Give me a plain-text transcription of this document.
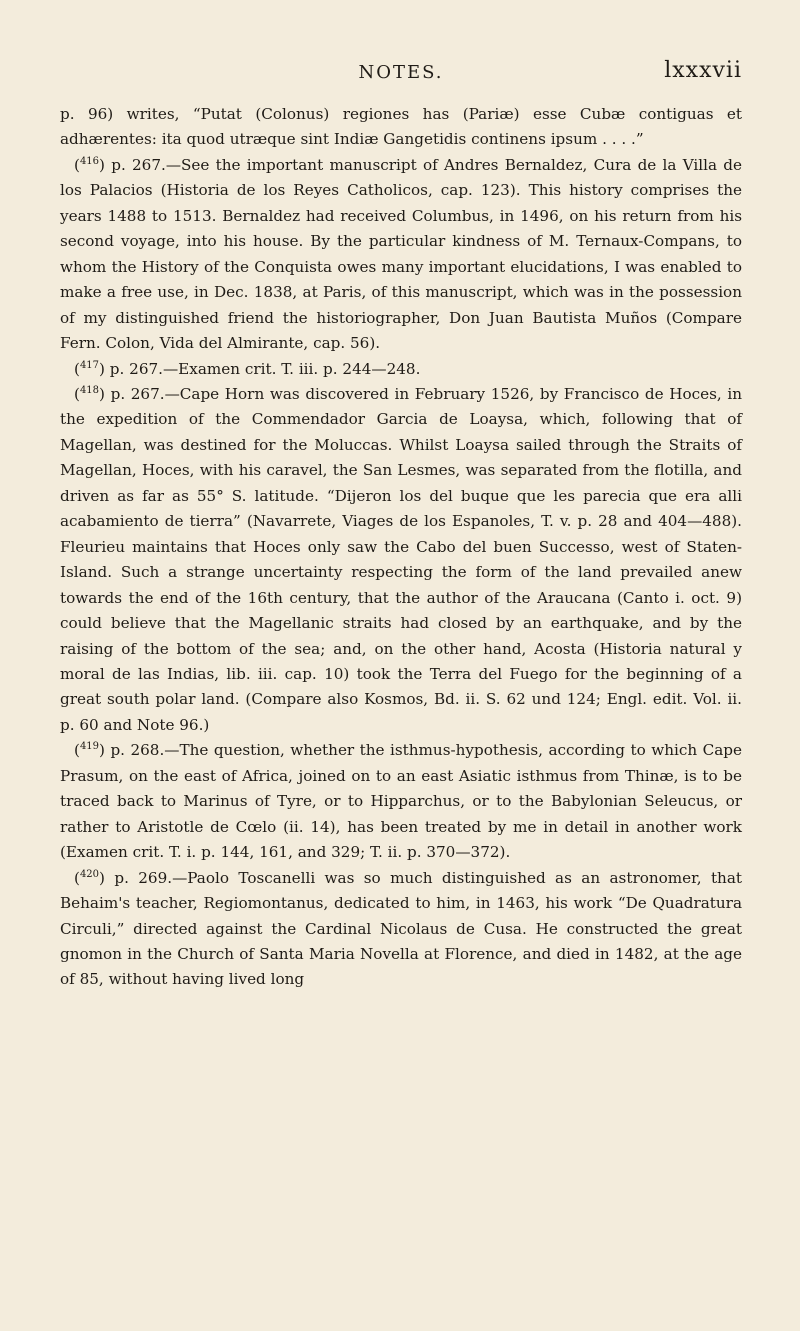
NOTES.	lxxxvii

p. 96) writes, “Putat (Colonus) regiones has (Pariæ) esse Cubæ contiguas et adhærentes: ita quod utræque sint Indiæ Gangetidis continens ipsum . . . .”

($^{416}$) p. 267.—See the important manuscript of Andres Bernaldez, Cura de la Villa de los Palacios (Historia de los Reyes Catholicos, cap. 123). This history comprises the years 1488 to 1513. Bernaldez had received Columbus, in 1496, on his return from his second voyage, into his house. By the particular kindness of M. Ternaux-Compans, to whom the History of the Conquista owes many important elucidations, I was enabled to make a free use, in Dec. 1838, at Paris, of this manuscript, which was in the possession of my distinguished friend the historiographer, Don Juan Bautista Muños (Compare Fern. Colon, Vida del Almirante, cap. 56).

($^{417}$) p. 267.—Examen crit. T. iii. p. 244—248.

($^{418}$) p. 267.—Cape Horn was discovered in February 1526, by Francisco de Hoces, in the expedition of the Commendador Garcia de Loaysa, which, following that of Magellan, was destined for the Moluccas. Whilst Loaysa sailed through the Straits of Magellan, Hoces, with his caravel, the San Lesmes, was separated from the flotilla, and driven as far as 55° S. latitude. “Dijeron los del buque que les parecia que era alli acabamiento de tierra” (Navarrete, Viages de los Espanoles, T. v. p. 28 and 404—488). Fleurieu maintains that Hoces only saw the Cabo del buen Successo, west of Staten-Island. Such a strange uncertainty respecting the form of the land prevailed anew towards the end of the 16th century, that the author of the Araucana (Canto i. oct. 9) could believe that the Magellanic straits had closed by an earthquake, and by the raising of the bottom of the sea; and, on the other hand, Acosta (Historia natural y moral de las Indias, lib. iii. cap. 10) took the Terra del Fuego for the beginning of a great south polar land. (Compare also Kosmos, Bd. ii. S. 62 und 124; Engl. edit. Vol. ii. p. 60 and Note 96.)

($^{419}$) p. 268.—The question, whether the isthmus-hypothesis, according to which Cape Prasum, on the east of Africa, joined on to an east Asiatic isthmus from Thinæ, is to be traced back to Marinus of Tyre, or to Hipparchus, or to the Babylonian Seleucus, or rather to Aristotle de Cœlo (ii. 14), has been treated by me in detail in another work (Examen crit. T. i. p. 144, 161, and 329; T. ii. p. 370—372).

($^{420}$) p. 269.—Paolo Toscanelli was so much distinguished as an astronomer, that Behaim's teacher, Regiomontanus, dedicated to him, in 1463, his work “De Quadratura Circuli,” directed against the Cardinal Nicolaus de Cusa. He constructed the great gnomon in the Church of Santa Maria Novella at Florence, and died in 1482, at the age of 85, without having lived long
